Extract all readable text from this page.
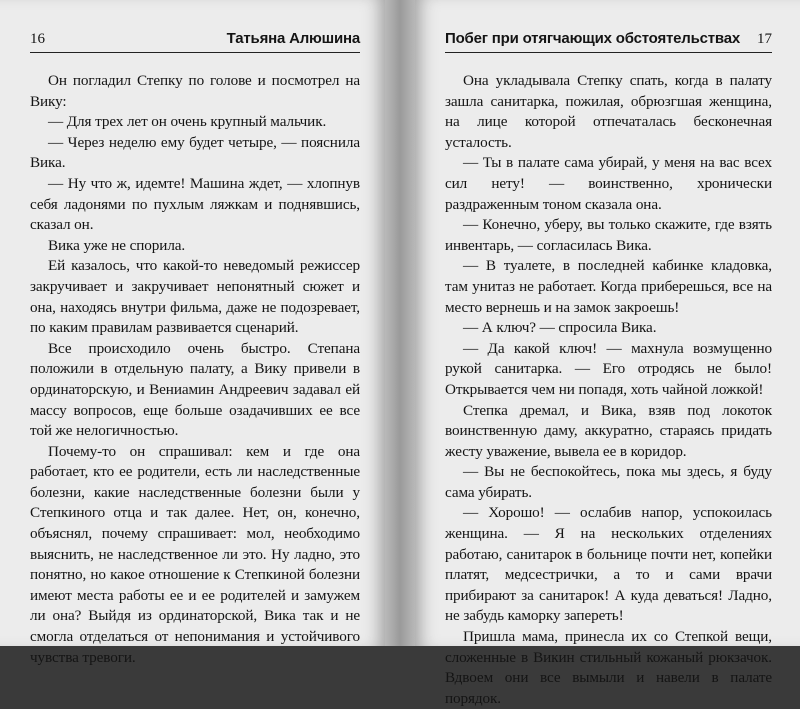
16	Татьяна Алюшина

Он погладил Степку по голове и посмотрел на Вику:

— Для трех лет он очень крупный мальчик.

— Через неделю ему будет четыре, — пояснила Вика.

— Ну что ж, идемте! Машина ждет, — хлопнув себя ладонями по пухлым ляжкам и поднявшись, сказал он.

Вика уже не спорила.

Ей казалось, что какой-то неведомый режиссер закручивает и закручивает непонятный сюжет и она, находясь внутри фильма, даже не подозревает, по каким правилам развивается сценарий.

Все происходило очень быстро. Степана положили в отдельную палату, а Вику привели в ординаторскую, и Вениамин Андреевич задавал ей массу вопросов, еще больше озадачивших ее все той же нелогичностью.

Почему-то он спрашивал: кем и где она работает, кто ее родители, есть ли наследственные болезни, какие наследственные болезни были у Степкиного отца и так далее. Нет, он, конечно, объяснял, почему спрашивает: мол, необходимо выяснить, не наследственное ли это. Ну ладно, это понятно, но какое отношение к Степкиной болезни имеют места работы ее и ее родителей и замужем ли она? Выйдя из ординаторской, Вика так и не смогла отделаться от непонимания и устойчивого чувства тревоги.

Побег при отягчающих обстоятельствах 17

Она укладывала Степку спать, когда в палату зашла санитарка, пожилая, обрюзгшая женщина, на лице которой отпечаталась бесконечная усталость.

— Ты в палате сама убирай, у меня на вас всех сил нету! — воинственно, хронически раздраженным тоном сказала она.

— Конечно, уберу, вы только скажите, где взять инвентарь, — согласилась Вика.

— В туалете, в последней кабинке кладовка, там унитаз не работает. Когда приберешься, все на место вернешь и на замок закроешь!

— А ключ? — спросила Вика.

— Да какой ключ! — махнула возмущенно рукой санитарка. — Его отродясь не было! Открывается чем ни попадя, хоть чайной ложкой!

Степка дремал, и Вика, взяв под локоток воинственную даму, аккуратно, стараясь придать жесту уважение, вывела ее в коридор.

— Вы не беспокойтесь, пока мы здесь, я буду сама убирать.

— Хорошо! — ослабив напор, успокоилась женщина. — Я на нескольких отделениях работаю, санитарок в больнице почти нет, копейки платят, медсестрички, а то и сами врачи прибирают за санитарок! А куда деваться! Ладно, не забудь каморку запереть!

Пришла мама, принесла их со Степкой вещи, сложенные в Викин стильный кожаный рюкзачок. Вдвоем они все вымыли и навели в палате порядок.
